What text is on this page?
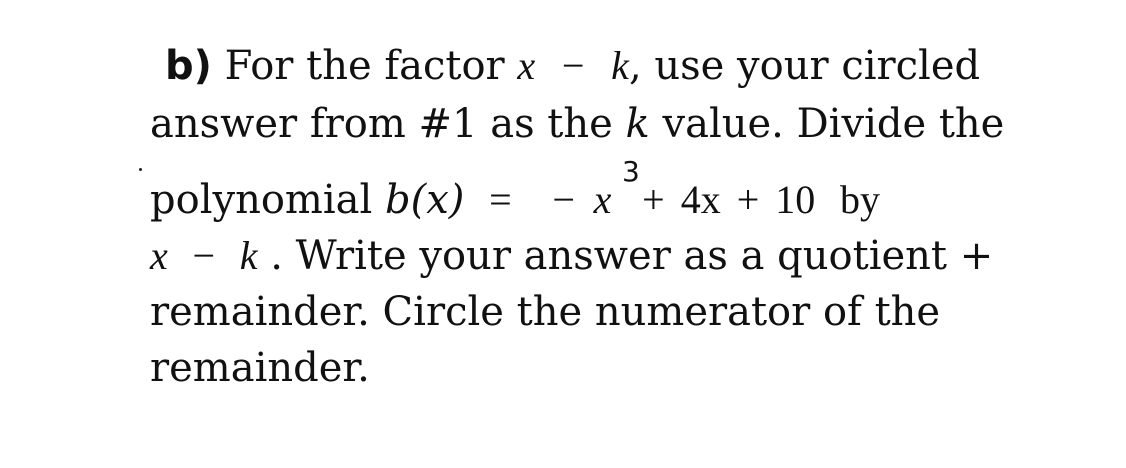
b) For the factor x − k, use your circled
answer from #1 as the k value. Divide the
polynomial b(x) = − x + 4x + 10 by
3
x − k . Write your answer as a quotient +
remainder. Circle the numerator of the
remainder.
